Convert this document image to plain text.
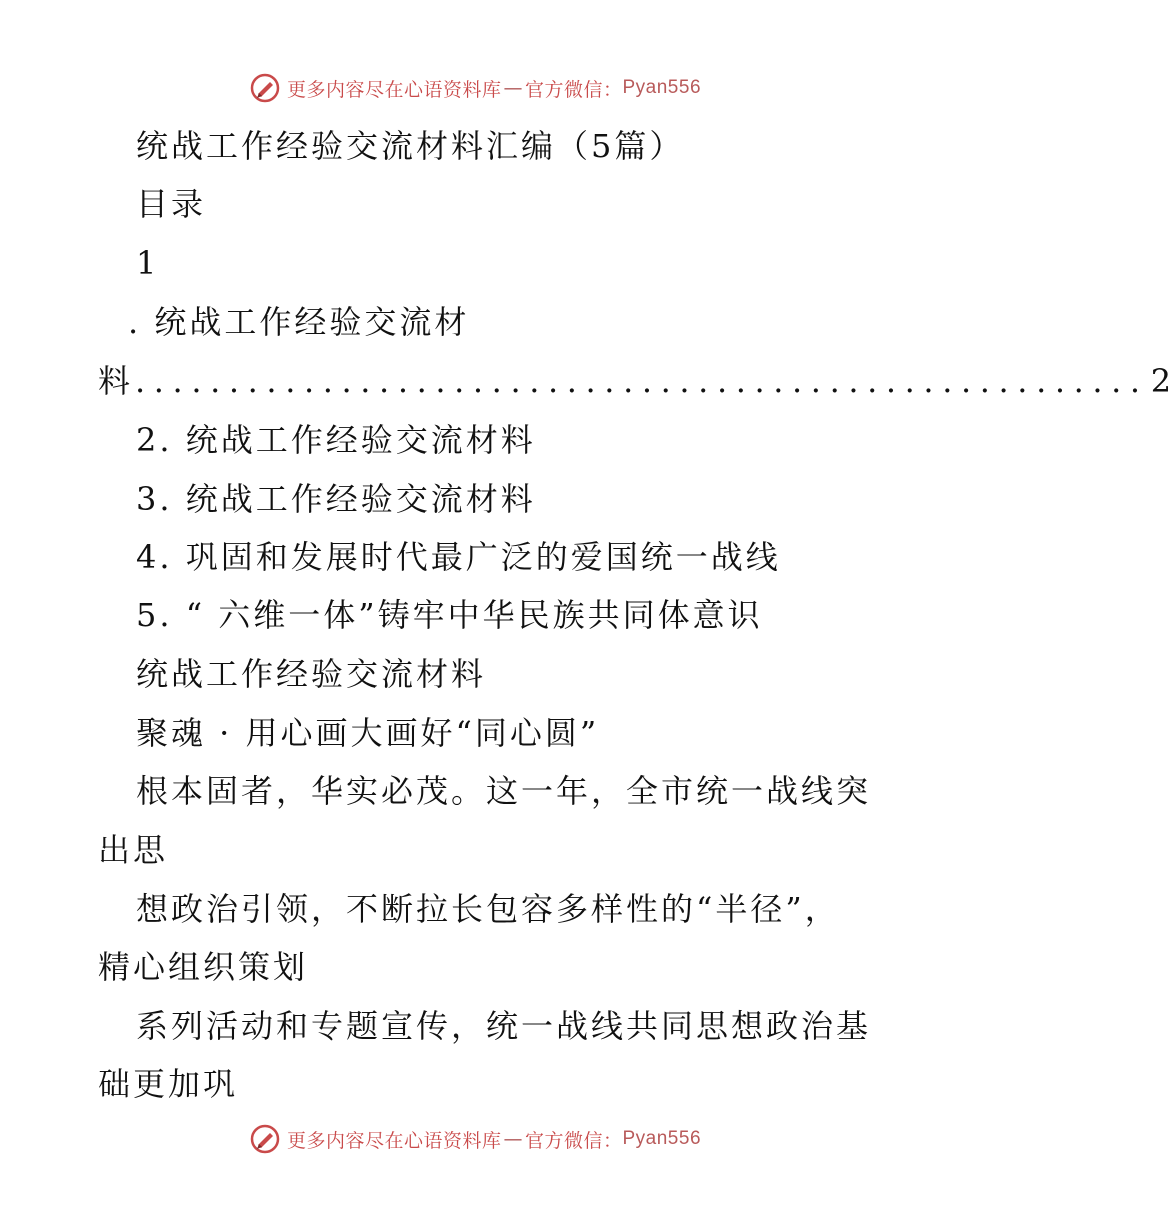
更多内容尽在心语资料库 — 官方微信： Pyan556
统战工作经验交流材料汇编（5篇）
目录
1
. 统战工作经验交流材
料 ...................................................... 2
2. 统战工作经验交流材料
3. 统战工作经验交流材料
4. 巩固和发展时代最广泛的爱国统一战线
5. “ 六维一体”铸牢中华民族共同体意识
统战工作经验交流材料
聚魂 · 用心画大画好“同心圆”
根本固者，华实必茂。这一年，全市统一战线突
出思
想政治引领，不断拉长包容多样性的“半径”，
精心组织策划
系列活动和专题宣传，统一战线共同思想政治基
础更加巩
更多内容尽在心语资料库 — 官方微信： Pyan556
